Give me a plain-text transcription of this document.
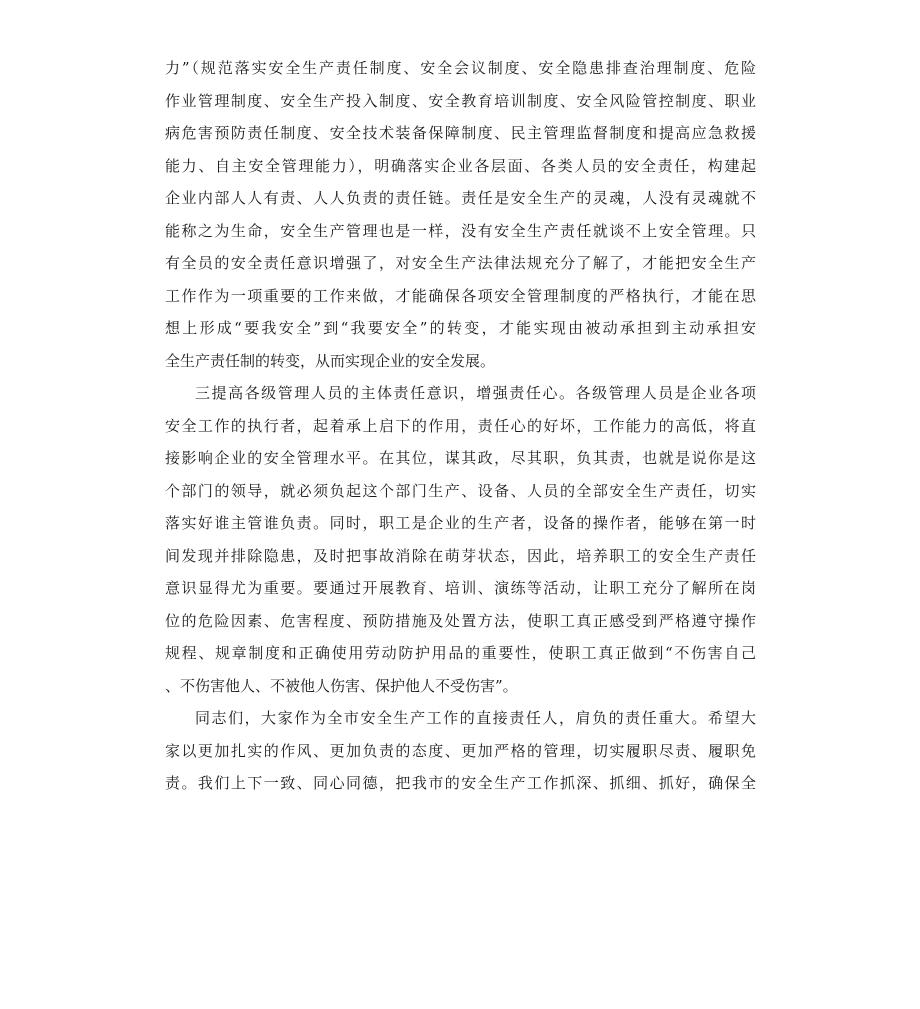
力”（规范落实安全生产责任制度、安全会议制度、安全隐患排查治理制度、危险
作业管理制度、安全生产投入制度、安全教育培训制度、安全风险管控制度、职业
病危害预防责任制度、安全技术装备保障制度、民主管理监督制度和提高应急救援
能力、自主安全管理能力），明确落实企业各层面、各类人员的安全责任，构建起
企业内部人人有责、人人负责的责任链。责任是安全生产的灵魂，人没有灵魂就不
能称之为生命，安全生产管理也是一样，没有安全生产责任就谈不上安全管理。只
有全员的安全责任意识增强了，对安全生产法律法规充分了解了，才能把安全生产
工作作为一项重要的工作来做，才能确保各项安全管理制度的严格执行，才能在思
想上形成“要我安全”到“我要安全”的转变，才能实现由被动承担到主动承担安
全生产责任制的转变，从而实现企业的安全发展。
三提高各级管理人员的主体责任意识，增强责任心。各级管理人员是企业各项
安全工作的执行者，起着承上启下的作用，责任心的好坏，工作能力的高低，将直
接影响企业的安全管理水平。在其位，谋其政，尽其职，负其责，也就是说你是这
个部门的领导，就必须负起这个部门生产、设备、人员的全部安全生产责任，切实
落实好谁主管谁负责。同时，职工是企业的生产者，设备的操作者，能够在第一时
间发现并排除隐患，及时把事故消除在萌芽状态，因此，培养职工的安全生产责任
意识显得尤为重要。要通过开展教育、培训、演练等活动，让职工充分了解所在岗
位的危险因素、危害程度、预防措施及处置方法，使职工真正感受到严格遵守操作
规程、规章制度和正确使用劳动防护用品的重要性，使职工真正做到“不伤害自己
、不伤害他人、不被他人伤害、保护他人不受伤害”。
同志们，大家作为全市安全生产工作的直接责任人，肩负的责任重大。希望大
家以更加扎实的作风、更加负责的态度、更加严格的管理，切实履职尽责、履职免
责。我们上下一致、同心同德，把我市的安全生产工作抓深、抓细、抓好，确保全
